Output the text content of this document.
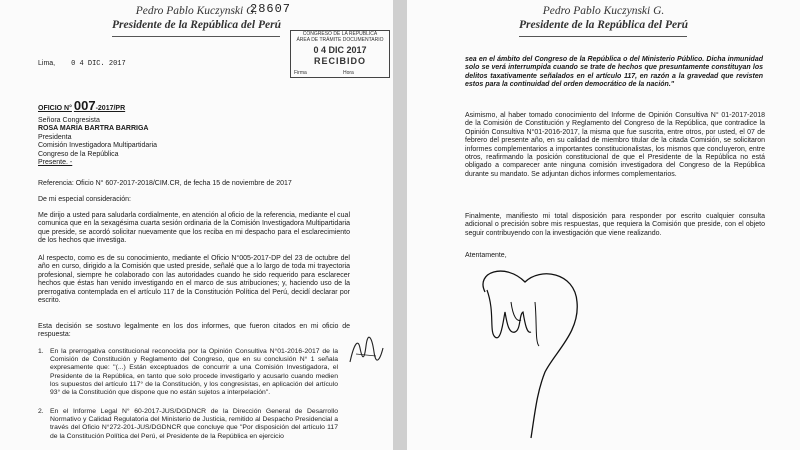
Pedro Pablo Kuczynski G.
Presidente de la República del Perú
28607
CONGRESO DE LA REPÚBLICA
ÁREA DE TRÁMITE DOCUMENTARIO
0 4 DIC 2017
RECIBIDO
Firma	Hora
Lima, 0 4 DIC. 2017
OFICIO N° 007-2017/PR
Señora Congresista
ROSA MARIA BARTRA BARRIGA
Presidenta
Comisión Investigadora Multipartidaria
Congreso de la República
Presente. -
Referencia: Oficio N° 607-2017-2018/CIM.CR, de fecha 15 de noviembre de 2017
De mi especial consideración:
Me dirijo a usted para saludarla cordialmente, en atención al oficio de la referencia, mediante el cual comunica que en la sexagésima cuarta sesión ordinaria de la Comisión Investigadora Multipartidaria que preside, se acordó solicitar nuevamente que los reciba en mi despacho para el esclarecimiento de los hechos que investiga.
Al respecto, como es de su conocimiento, mediante el Oficio N°005-2017-DP del 23 de octubre del año en curso, dirigido a la Comisión que usted preside, señalé que a lo largo de toda mi trayectoria profesional, siempre he colaborado con las autoridades cuando he sido requerido para esclarecer hechos que éstas han venido investigando en el marco de sus atribuciones; y, haciendo uso de la prerrogativa contemplada en el artículo 117 de la Constitución Política del Perú, decidí declarar por escrito.
Esta decisión se sostuvo legalmente en los dos informes, que fueron citados en mi oficio de respuesta:
1. En la prerrogativa constitucional reconocida por la Opinión Consultiva N°01-2016-2017 de la Comisión de Constitución y Reglamento del Congreso, que en su conclusión N° 1 señala expresamente que: "(...) Están exceptuados de concurrir a una Comisión Investigadora, el Presidente de la República, en tanto que solo procede investigarlo y acusarlo cuando medien los supuestos del artículo 117° de la Constitución, y los congresistas, en aplicación del artículo 93° de la Constitución que dispone que no están sujetos a interpelación".
2. En el Informe Legal N° 60-2017-JUS/DGDNCR de la Dirección General de Desarrollo Normativo y Calidad Regulatoria del Ministerio de Justicia, remitido al Despacho Presidencial a través del Oficio N°272-201-JUS/DGDNCR que concluye que "Por disposición del artículo 117 de la Constitución Política del Perú, el Presidente de la República en ejercicio
Pedro Pablo Kuczynski G.
Presidente de la República del Perú
sea en el ámbito del Congreso de la República o del Ministerio Público. Dicha inmunidad solo se verá interrumpida cuando se trate de hechos que presuntamente constituyan los delitos taxativamente señalados en el artículo 117, en razón a la gravedad que revisten estos para la continuidad del orden democrático de la nación."
Asimismo, al haber tomado conocimiento del Informe de Opinión Consultiva N° 01-2017-2018 de la Comisión de Constitución y Reglamento del Congreso de la República, que contradice la Opinión Consultiva N°01-2016-2017, la misma que fue suscrita, entre otros, por usted, el 07 de febrero del presente año, en su calidad de miembro titular de la citada Comisión, se solicitaron informes complementarios a importantes constitucionalistas, los mismos que concluyeron, entre otros, reafirmando la posición constitucional de que el Presidente de la República no está obligado a comparecer ante ninguna comisión investigadora del Congreso de la República durante su mandato. Se adjuntan dichos informes complementarios.
Finalmente, manifiesto mi total disposición para responder por escrito cualquier consulta adicional o precisión sobre mis respuestas, que requiera la Comisión que preside, con el objeto seguir contribuyendo con la investigación que viene realizando.
Atentamente,
